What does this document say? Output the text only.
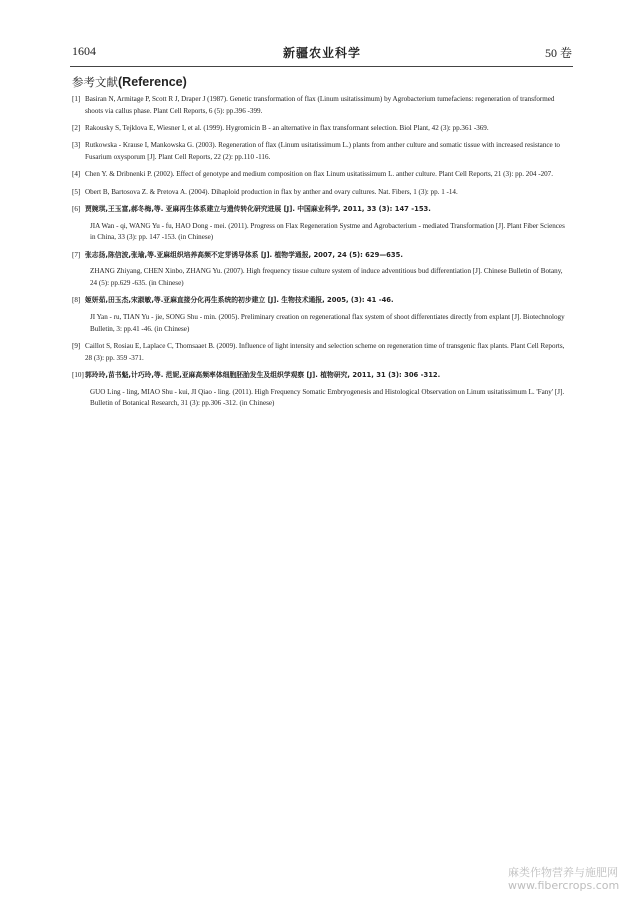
1604	新疆农业科学	50 卷
参考文献(Reference)
[1] Basiran N, Armitage P, Scott R J, Draper J (1987). Genetic transformation of flax (Linum usitatissimum) by Agrobacterium tumefaciens: regeneration of transformed shoots via callus phase. Plant Cell Reports, 6 (5): pp.396 -399.

[2] Rakousky S, Tejklova E, Wiesner I, et al. (1999). Hygromicin B - an alternative in flax transformant selection. Biol Plant, 42 (3): pp.361 -369.

[3] Rutkowska - Krause I, Mankowska G. (2003). Regeneration of flax (Linum usitatissimum L.) plants from anther culture and somatic tissue with increased resistance to Fusarium oxysporum [J]. Plant Cell Reports, 22 (2): pp.110 -116.

[4] Chen Y. & Dribnenki P. (2002). Effect of genotype and medium composition on flax Linum usitatissimum L. anther culture. Plant Cell Reports, 21 (3): pp. 204 -207.

[5] Obert B, Bartosova Z. & Pretova A. (2004). Dihaploid production in flax by anther and ovary cultures. Nat. Fibers, 1 (3): pp. 1 -14.

[6] 贾婉琪,王玉富,郝冬梅,等. 亚麻再生体系建立与遗传转化研究进展 [J]. 中国麻业科学, 2011, 33 (3): 147 -153.

JIA Wan - qi, WANG Yu - fu, HAO Dong - mei. (2011). Progress on Flax Regeneration Systme and Agrobacterium - mediated Transformation [J]. Plant Fiber Sciences in China, 33 (3): pp. 147 -153. (in Chinese)

[7] 张志扬,陈信波,张瑜,等.亚麻组织培养高频不定芽诱导体系 [J]. 植物学通报, 2007, 24 (5): 629—635.

ZHANG Zhiyang, CHEN Xinbo, ZHANG Yu. (2007). High frequency tissue culture system of induce adventitious bud differentiation [J]. Chinese Bulletin of Botany, 24 (5): pp.629 -635. (in Chinese)

[8] 姬妍茹,田玉杰,宋淑敏,等.亚麻直接分化再生系统的初步建立 [J]. 生物技术通报, 2005, (3): 41 -46.

JI Yan - ru, TIAN Yu - jie, SONG Shu - min. (2005). Preliminary creation on regenerational flax system of shoot differentiates directly from explant [J]. Biotechnology Bulletin, 3: pp.41 -46. (in Chinese)

[9] Caillot S, Rosiau E, Laplace C, Thomsaaet B. (2009). Influence of light intensity and selection scheme on regeneration time of transgenic flax plants. Plant Cell Reports, 28 (3): pp. 359 -371.

[10] 郭玲玲,苗书魁,计巧玲,等. 范妮,亚麻高频率体细胞胚胎发生及组织学观察 [J]. 植物研究, 2011, 31 (3): 306 -312.

GUO Ling - ling, MIAO Shu - kui, JI Qiao - ling. (2011). High Frequency Somatic Embryogenesis and Histological Observation on Linum usitatissimum L. 'Fany' [J]. Bulletin of Botanical Research, 31 (3): pp.306 -312. (in Chinese)

麻类作物营养与施肥网
www.fibercrops.com
